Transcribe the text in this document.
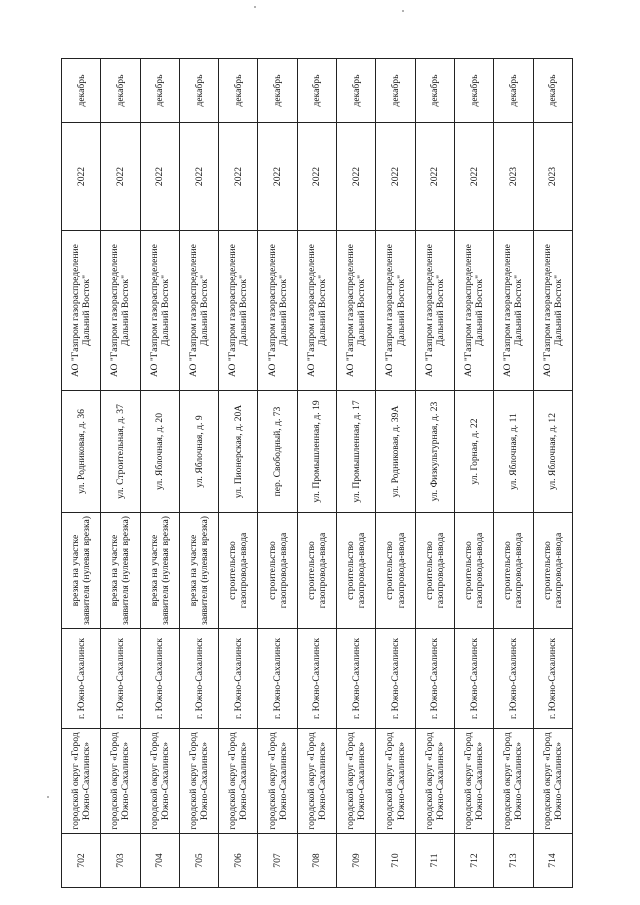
702	городской округ «Город Южно-Сахалинск»	г. Южно-Сахалинск	врезка на участке заявителя (нулевая врезка)	ул. Родниковая, д. 36	АО "Газпром газораспределение Дальний Восток"	2022	декабрь
703	городской округ «Город Южно-Сахалинск»	г. Южно-Сахалинск	врезка на участке заявителя (нулевая врезка)	ул. Строительная, д. 37	АО "Газпром газораспределение Дальний Восток"	2022	декабрь
704	городской округ «Город Южно-Сахалинск»	г. Южно-Сахалинск	врезка на участке заявителя (нулевая врезка)	ул. Яблочная, д. 20	АО "Газпром газораспределение Дальний Восток"	2022	декабрь
705	городской округ «Город Южно-Сахалинск»	г. Южно-Сахалинск	врезка на участке заявителя (нулевая врезка)	ул. Яблочная, д. 9	АО "Газпром газораспределение Дальний Восток"	2022	декабрь
706	городской округ «Город Южно-Сахалинск»	г. Южно-Сахалинск	строительство газопровода-ввода	ул. Пионерская, д. 20А	АО "Газпром газораспределение Дальний Восток"	2022	декабрь
707	городской округ «Город Южно-Сахалинск»	г. Южно-Сахалинск	строительство газопровода-ввода	пер. Свободный, д. 73	АО "Газпром газораспределение Дальний Восток"	2022	декабрь
708	городской округ «Город Южно-Сахалинск»	г. Южно-Сахалинск	строительство газопровода-ввода	ул. Промышленная, д. 19	АО "Газпром газораспределение Дальний Восток"	2022	декабрь
709	городской округ «Город Южно-Сахалинск»	г. Южно-Сахалинск	строительство газопровода-ввода	ул. Промышленная, д. 17	АО "Газпром газораспределение Дальний Восток"	2022	декабрь
710	городской округ «Город Южно-Сахалинск»	г. Южно-Сахалинск	строительство газопровода-ввода	ул. Родниковая, д. 39А	АО "Газпром газораспределение Дальний Восток"	2022	декабрь
711	городской округ «Город Южно-Сахалинск»	г. Южно-Сахалинск	строительство газопровода-ввода	ул. Физкультурная, д. 23	АО "Газпром газораспределение Дальний Восток"	2022	декабрь
712	городской округ «Город Южно-Сахалинск»	г. Южно-Сахалинск	строительство газопровода-ввода	ул. Горная, д. 22	АО "Газпром газораспределение Дальний Восток"	2022	декабрь
713	городской округ «Город Южно-Сахалинск»	г. Южно-Сахалинск	строительство газопровода-ввода	ул. Яблочная, д. 11	АО "Газпром газораспределение Дальний Восток"	2023	декабрь
714	городской округ «Город Южно-Сахалинск»	г. Южно-Сахалинск	строительство газопровода-ввода	ул. Яблочная, д. 12	АО "Газпром газораспределение Дальний Восток"	2023	декабрь
